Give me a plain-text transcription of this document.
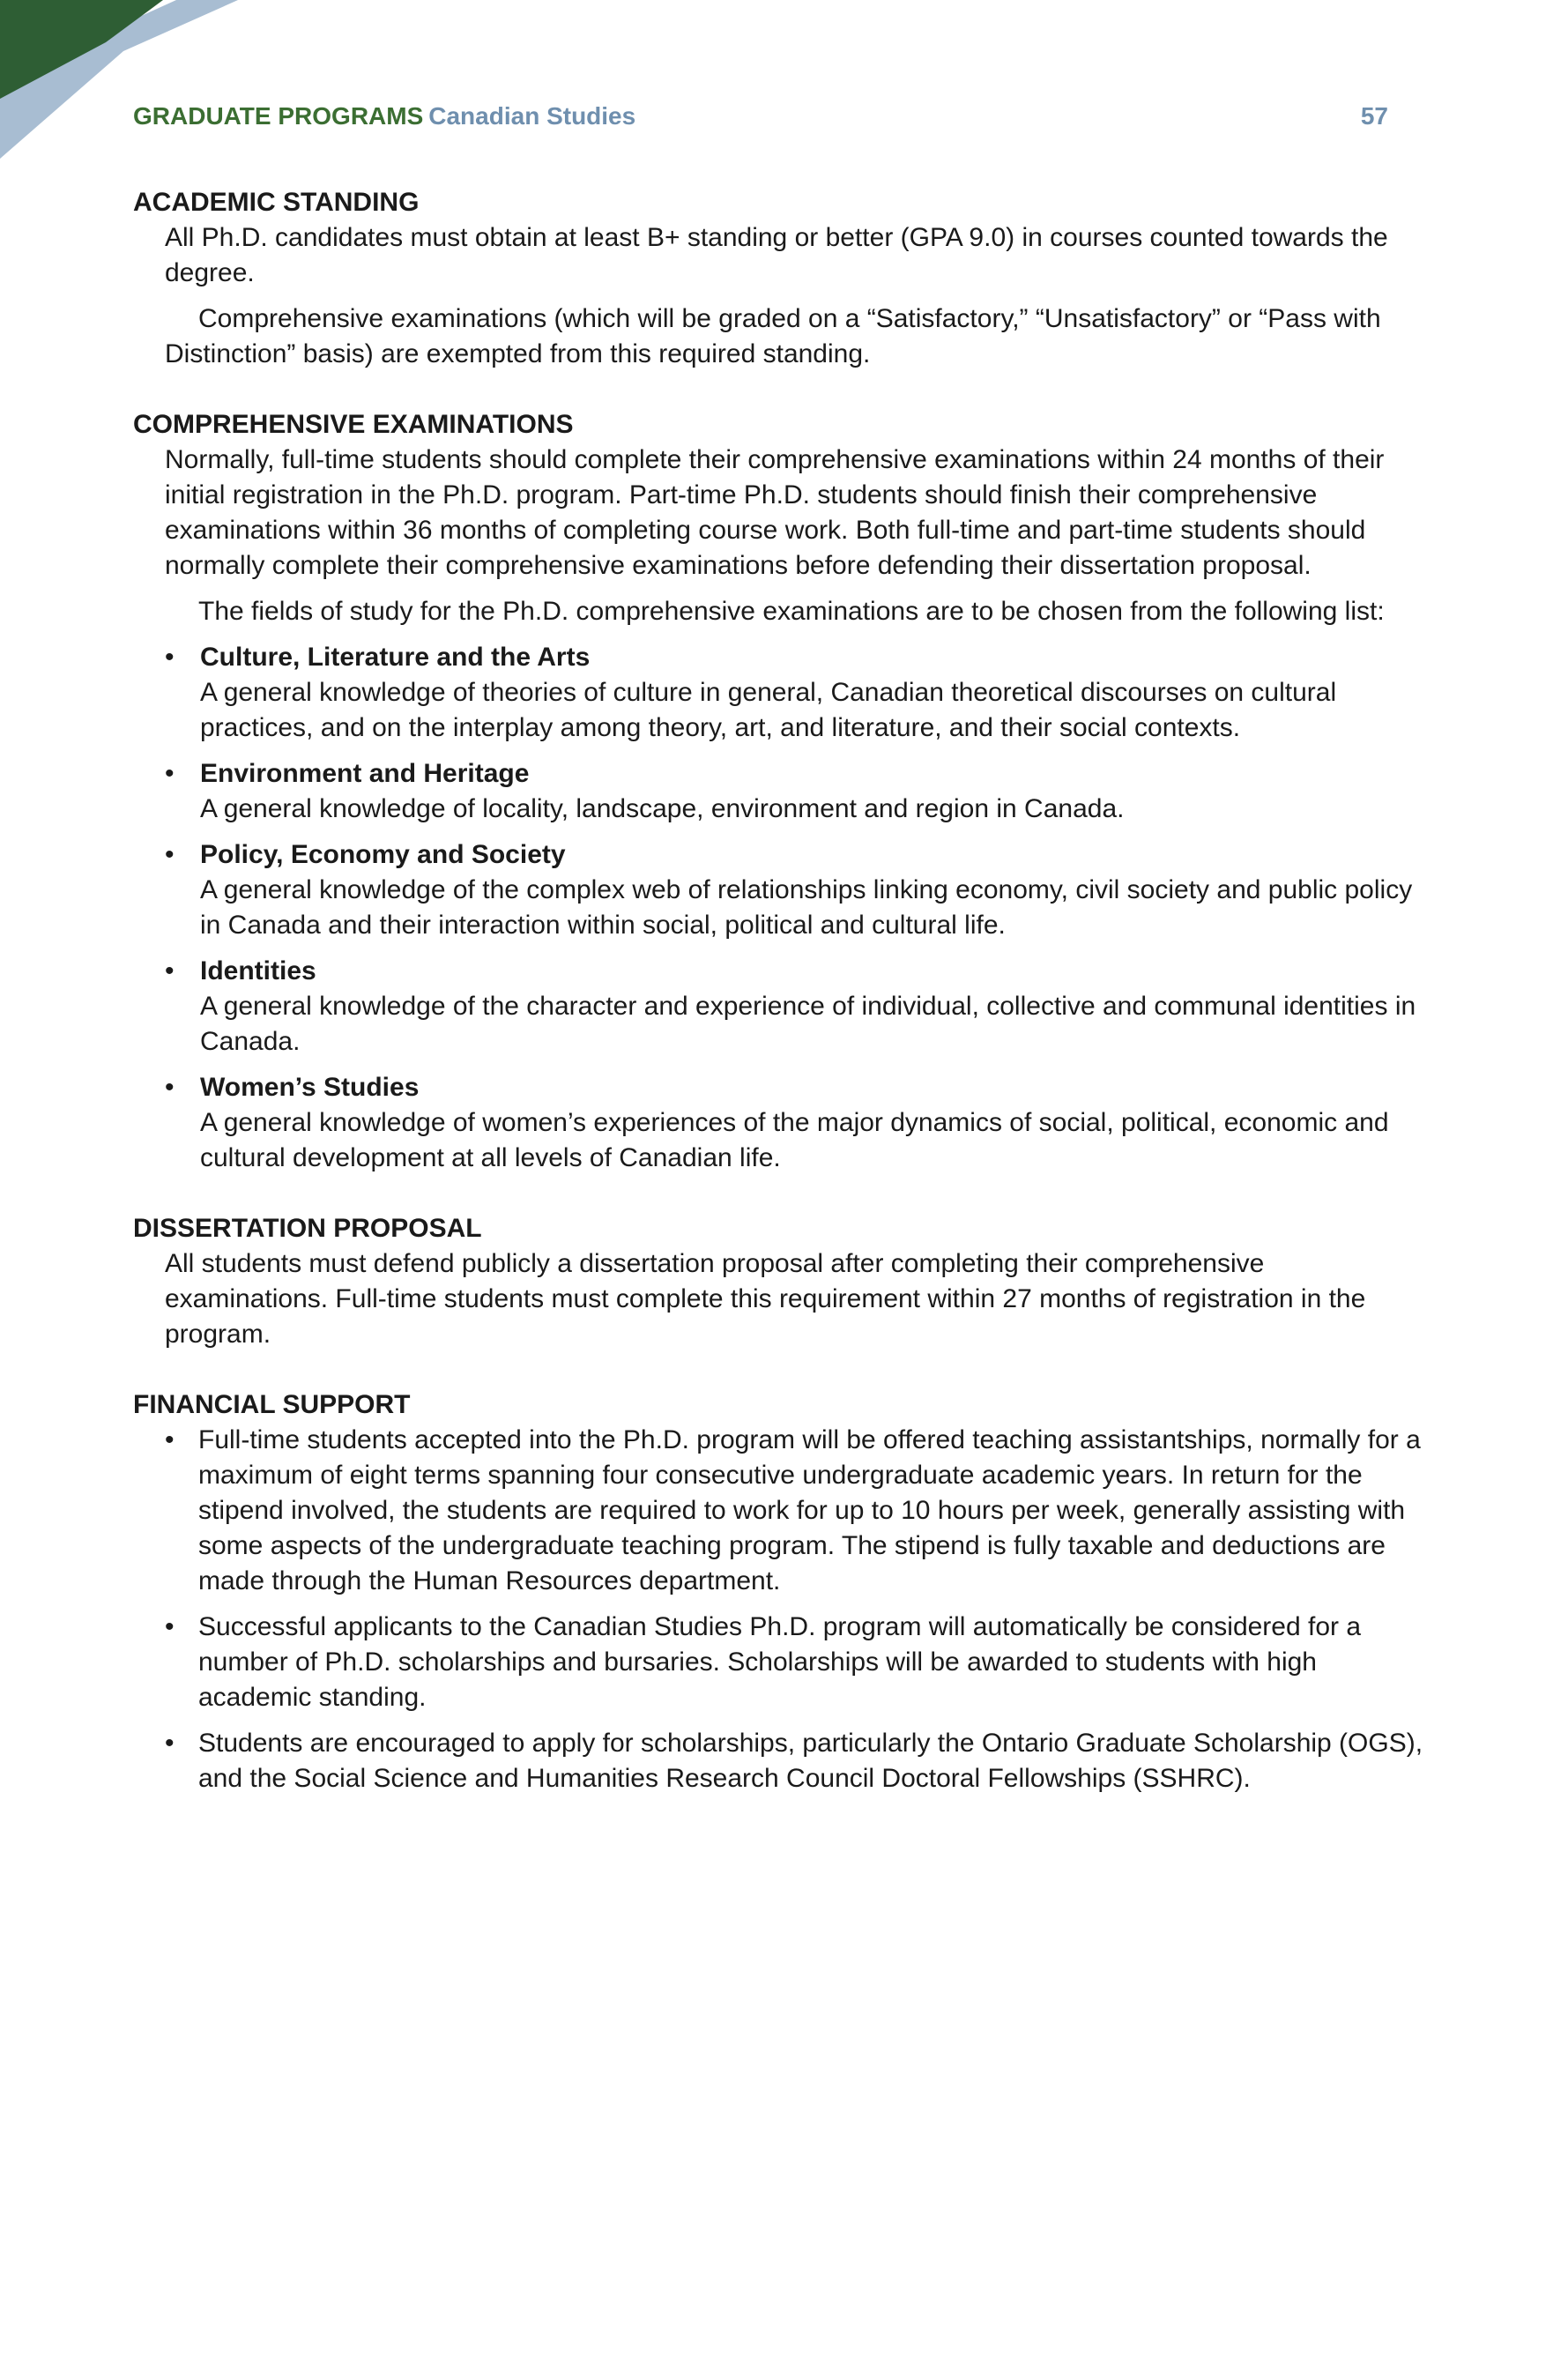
GRADUATE PROGRAMS Canadian Studies	57
ACADEMIC STANDING

All Ph.D. candidates must obtain at least B+ standing or better (GPA 9.0) in courses counted towards the degree.

Comprehensive examinations (which will be graded on a “Satisfactory,” “Unsatisfactory” or “Pass with Distinction” basis) are exempted from this required standing.

COMPREHENSIVE EXAMINATIONS

Normally, full-time students should complete their comprehensive examinations within 24 months of their initial registration in the Ph.D. program. Part-time Ph.D. students should finish their comprehensive examinations within 36 months of completing course work. Both full-time and part-time students should normally complete their comprehensive examinations before defending their dissertation proposal.

The fields of study for the Ph.D. comprehensive examinations are to be chosen from the following list:

• Culture, Literature and the Arts
A general knowledge of theories of culture in general, Canadian theoretical discourses on cultural practices, and on the interplay among theory, art, and literature, and their social contexts.
• Environment and Heritage
A general knowledge of locality, landscape, environment and region in Canada.
• Policy, Economy and Society
A general knowledge of the complex web of relationships linking economy, civil society and public policy in Canada and their interaction within social, political and cultural life.
• Identities
A general knowledge of the character and experience of individual, collective and communal identities in Canada.
• Women’s Studies
A general knowledge of women’s experiences of the major dynamics of social, political, economic and cultural development at all levels of Canadian life.
DISSERTATION PROPOSAL

All students must defend publicly a dissertation proposal after completing their comprehensive examinations. Full-time students must complete this requirement within 27 months of registration in the program.

FINANCIAL SUPPORT
• Full-time students accepted into the Ph.D. program will be offered teaching assistantships, normally for a maximum of eight terms spanning four consecutive undergraduate academic years. In return for the stipend involved, the students are required to work for up to 10 hours per week, generally assisting with some aspects of the undergraduate teaching program. The stipend is fully taxable and deductions are made through the Human Resources department.
• Successful applicants to the Canadian Studies Ph.D. program will automatically be considered for a number of Ph.D. scholarships and bursaries. Scholarships will be awarded to students with high academic standing.
• Students are encouraged to apply for scholarships, particularly the Ontario Graduate Scholarship (OGS), and the Social Science and Humanities Research Council Doctoral Fellowships (SSHRC).
